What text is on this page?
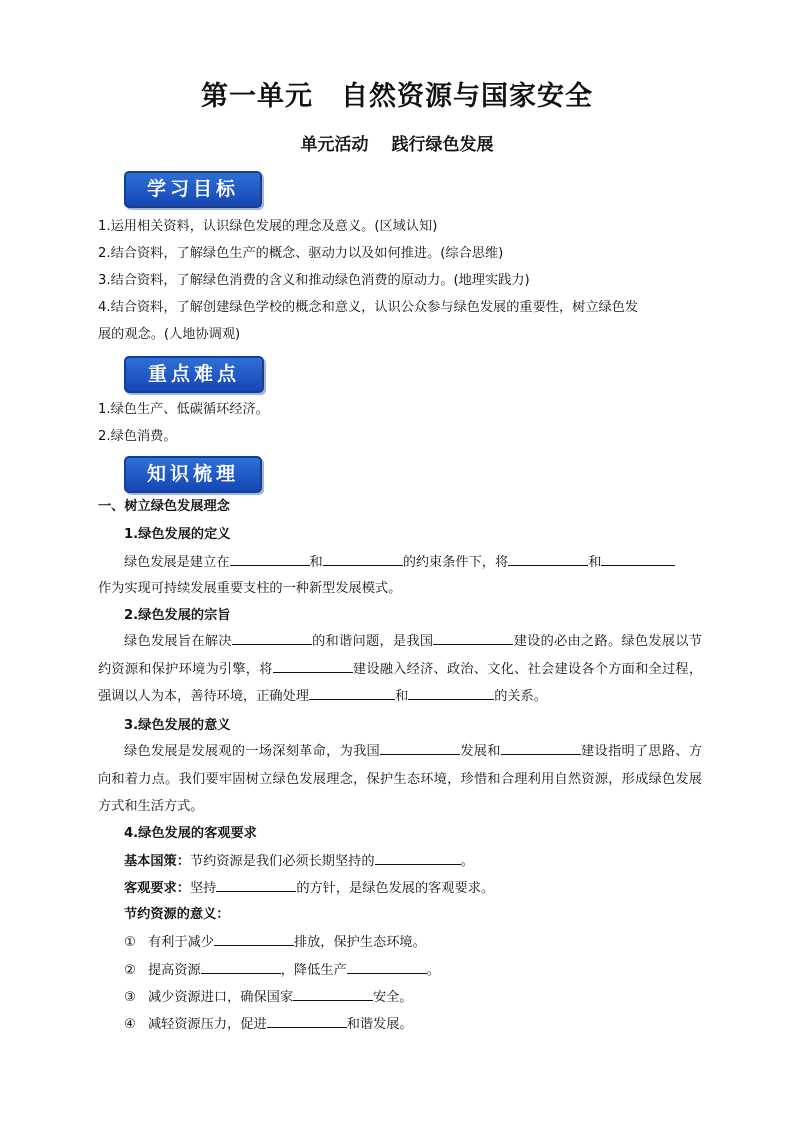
第一单元　自然资源与国家安全
单元活动　 践行绿色发展
学习目标
1.运用相关资料，认识绿色发展的理念及意义。(区域认知)
2.结合资料，了解绿色生产的概念、驱动力以及如何推进。(综合思维)
3.结合资料，了解绿色消费的含义和推动绿色消费的原动力。(地理实践力)
4.结合资料，了解创建绿色学校的概念和意义，认识公众参与绿色发展的重要性，树立绿色发
展的观念。(人地协调观)
重点难点
1.绿色生产、低碳循环经济。
2.绿色消费。
知识梳理
一、树立绿色发展理念
1.绿色发展的定义
绿色发展是建立在	和	的约束条件下，将	和
作为实现可持续发展重要支柱的一种新型发展模式。
2.绿色发展的宗旨
绿色发展旨在解决	的和谐问题，是我国	建设的必由之路。绿色发展以节约资源和保护环境为引擎，将	建设融入经济、政治、文化、社会建设各个方面和全过程，强调以人为本，善待环境，正确处理	和	的关系。
3.绿色发展的意义
绿色发展是发展观的一场深刻革命，为我国	发展和	建设指明了思路、方向和着力点。我们要牢固树立绿色发展理念，保护生态环境，珍惜和合理利用自然资源，形成绿色发展方式和生活方式。
4.绿色发展的客观要求
基本国策：节约资源是我们必须长期坚持的	。
客观要求：坚持	的方针，是绿色发展的客观要求。
节约资源的意义：
① 有利于减少	排放，保护生态环境。
② 提高资源	，降低生产	。
③ 减少资源进口，确保国家	安全。
④ 减轻资源压力，促进	和谐发展。
